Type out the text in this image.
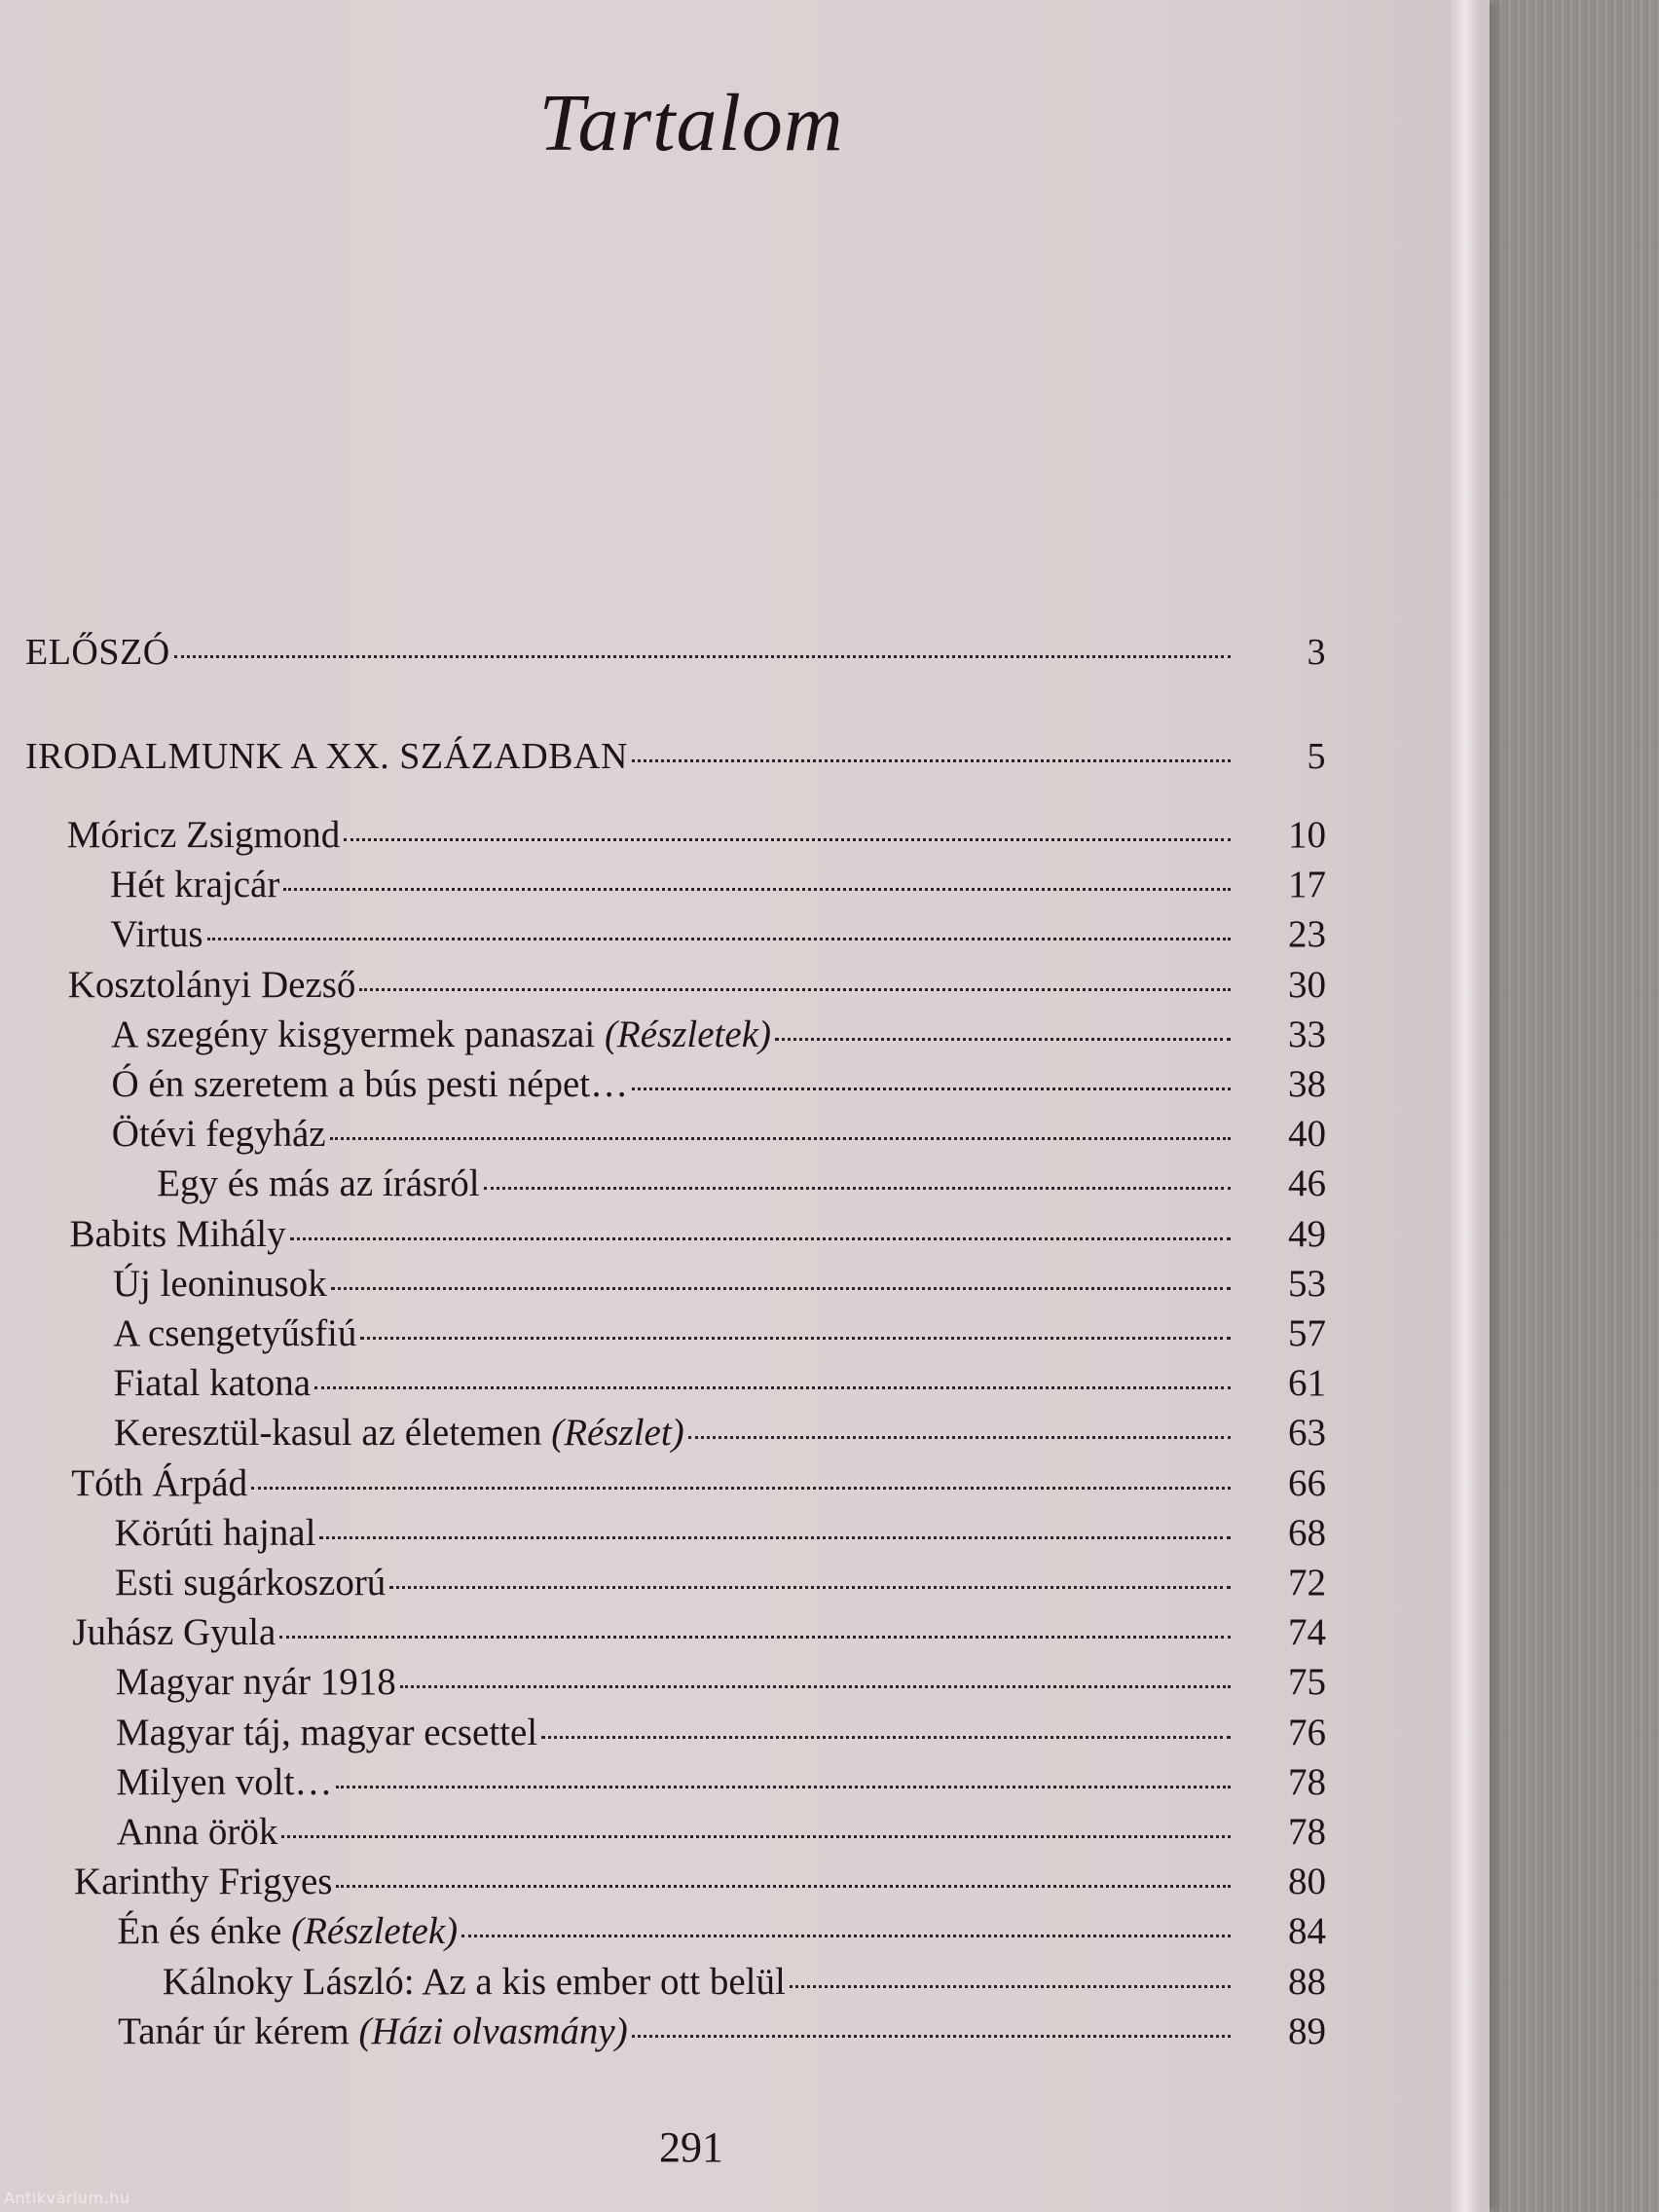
Tartalom
ELŐSZÓ	3
IRODALMUNK A XX. SZÁZADBAN	5
Móricz Zsigmond	10
Hét krajcár	17
Virtus	23
Kosztolányi Dezső	30
A szegény kisgyermek panaszai (Részletek)	33
Ó én szeretem a bús pesti népet…	38
Ötévi fegyház	40
Egy és más az írásról	46
Babits Mihály	49
Új leoninusok	53
A csengetyűsfiú	57
Fiatal katona	61
Keresztül-kasul az életemen (Részlet)	63
Tóth Árpád	66
Körúti hajnal	68
Esti sugárkoszorú	72
Juhász Gyula	74
Magyar nyár 1918	75
Magyar táj, magyar ecsettel	76
Milyen volt…	78
Anna örök	78
Karinthy Frigyes	80
Én és énke (Részletek)	84
Kálnoky László: Az a kis ember ott belül	88
Tanár úr kérem (Házi olvasmány)	89
291
Antikvárium.hu
